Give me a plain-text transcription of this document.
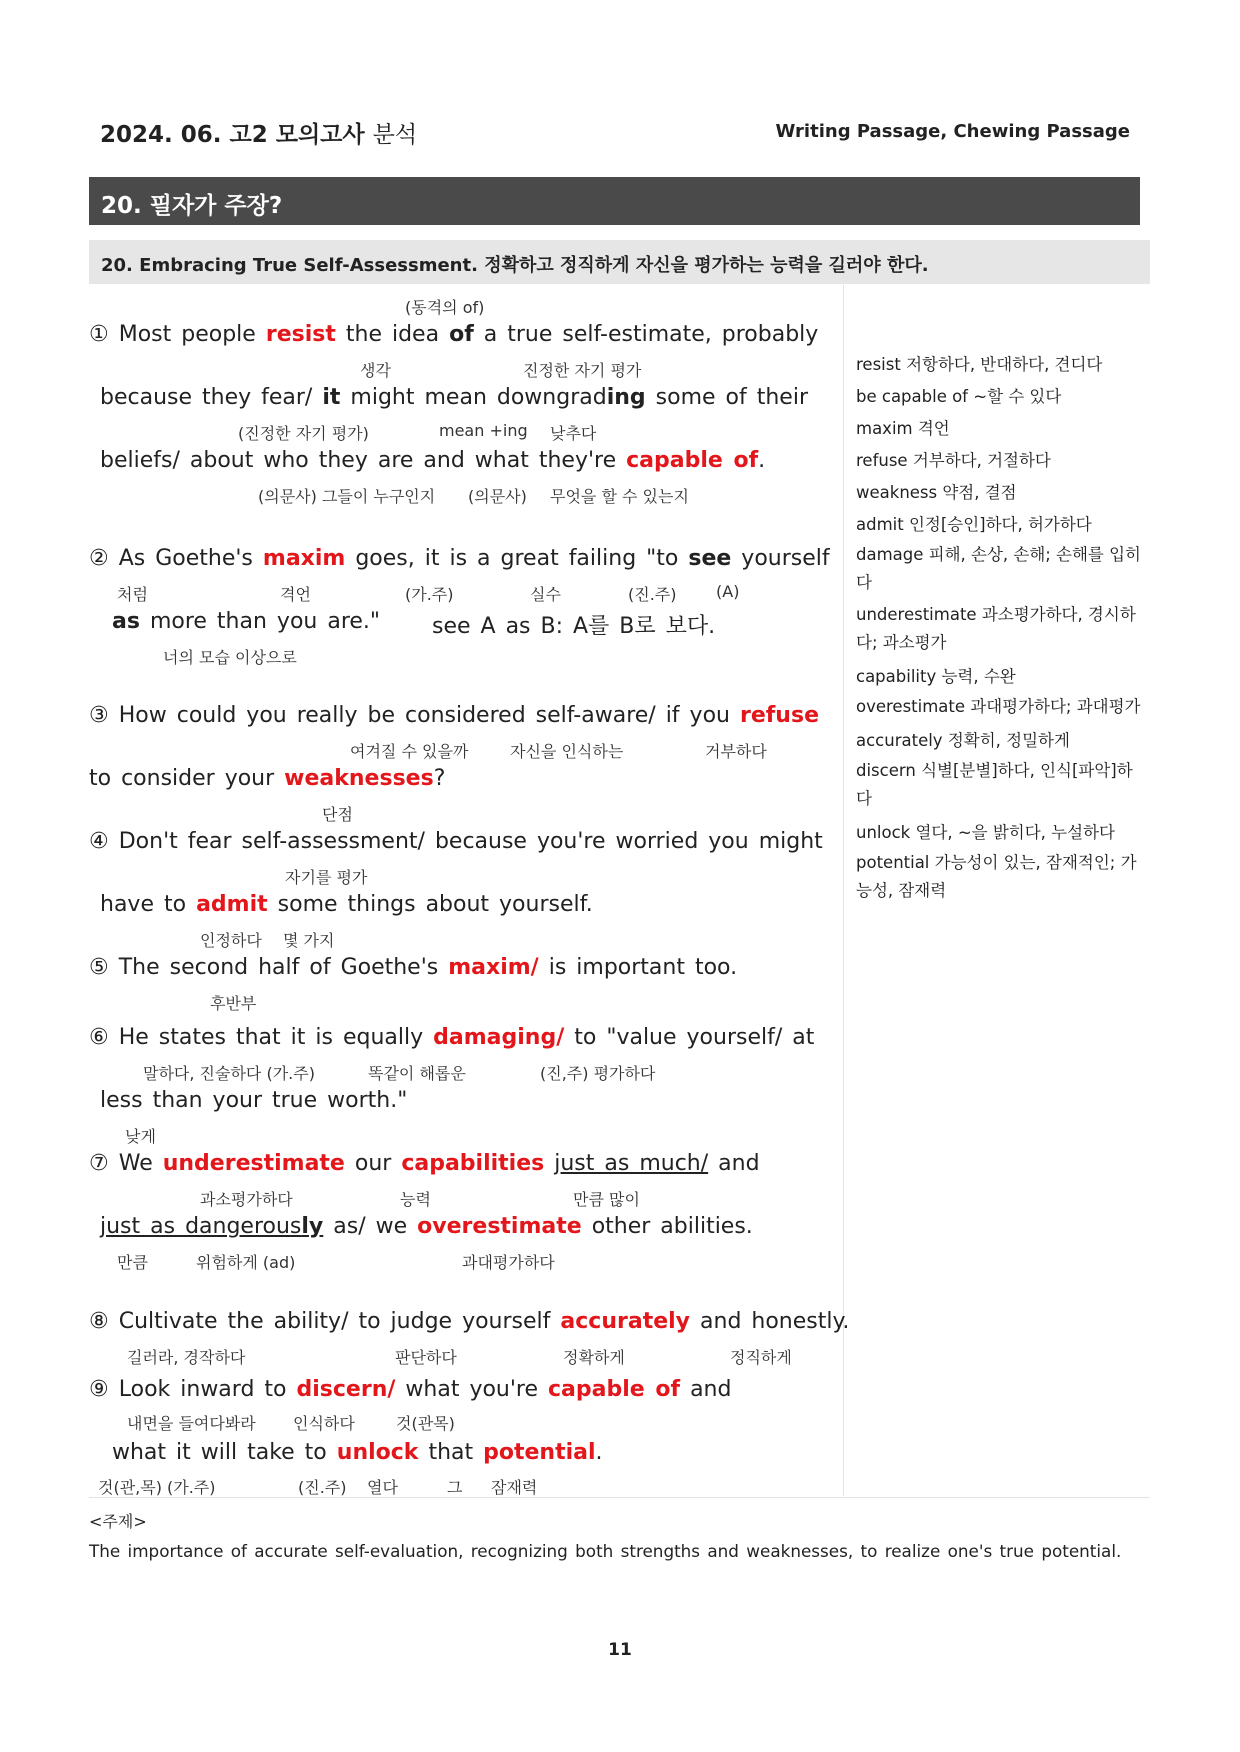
2024. 06. 고2 모의고사 분석	Writing Passage, Chewing Passage
20. 필자가 주장?
20. Embracing True Self-Assessment. 정확하고 정직하게 자신을 평가하는 능력을 길러야 한다.
(동격의 of)
① Most people resist the idea of a true self-estimate, probably
생각	진정한 자기 평가
because they fear/ it might mean downgrading some of their
(진정한 자기 평가)	mean +ing 낮추다
beliefs/ about who they are and what they're capable of.
(의문사) 그들이 누구인지 (의문사) 무엇을 할 수 있는지
② As Goethe's maxim goes, it is a great failing "to see yourself
처럼	격언	(가.주)	실수	(진.주) (A)
as more than you are." see A as B: A를 B로 보다.
너의 모습 이상으로
③ How could you really be considered self-aware/ if you refuse
여겨질 수 있을까	자신을 인식하는	거부하다
to consider your weaknesses?
단점
④ Don't fear self-assessment/ because you're worried you might
자기를 평가
have to admit some things about yourself.
인정하다 몇 가지
⑤ The second half of Goethe's maxim/ is important too.
후반부
⑥ He states that it is equally damaging/ to "value yourself/ at
말하다, 진술하다 (가.주)	똑같이 해롭운	(진,주) 평가하다
less than your true worth."
낮게
⑦ We underestimate our capabilities just as much/ and
과소평가하다	능력	만큼 많이
just as dangerously as/ we overestimate other abilities.
만큼	위험하게 (ad)	과대평가하다
⑧ Cultivate the ability/ to judge yourself accurately and honestly.
길러라, 경작하다	판단하다	정확하게	정직하게
⑨ Look inward to discern/ what you're capable of and
내면을 들여다봐라 인식하다	것(관목)
what it will take to unlock that potential.
것(관,목) (가.주)	(진.주) 열다	그 잠재력
resist 저항하다, 반대하다, 견디다
be capable of ~할 수 있다
maxim 격언
refuse 거부하다, 거절하다
weakness 약점, 결점
admit 인정[승인]하다, 허가하다
damage 피해, 손상, 손해; 손해를 입히다
underestimate 과소평가하다, 경시하다; 과소평가
capability 능력, 수완
overestimate 과대평가하다; 과대평가
accurately 정확히, 정밀하게
discern 식별[분별]하다, 인식[파악]하다
unlock 열다, ~을 밝히다, 누설하다
potential 가능성이 있는, 잠재적인; 가능성, 잠재력
<주제>
The importance of accurate self-evaluation, recognizing both strengths and weaknesses, to realize one's true potential.
11
